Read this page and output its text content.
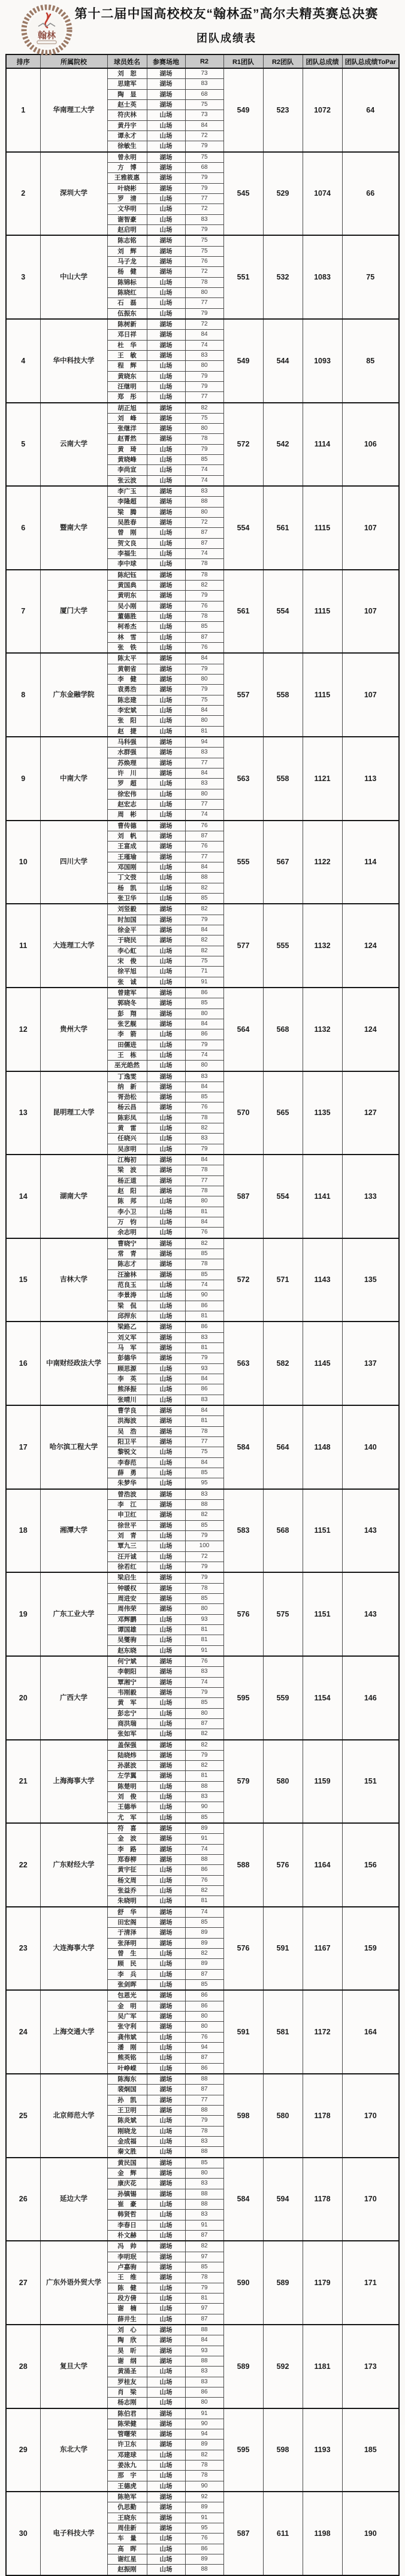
翰林
第十二届中国高校校友“翰林盃”高尔夫精英赛总决赛
团队成绩表
排序	所属院校	球员姓名	参赛场地	R2	R1团队	R2团队	团队总成绩	团队总成绩ToPar
1	华南理工大学	刘　恕	湖场	73	549	523	1072	64
		思建军	湖场	83				
		陶　显	湖场	68				
		赵士英	湖场	75				
		符庆林	山场	73				
		黄丹宇	山场	84				
		谭永才	山场	72				
		徐敏生	山场	79				
2	深圳大学	曾永明	湖场	75	545	529	1074	66
		方　博	湖场	68				
		王雅筱惠	湖场	79				
		叶晓彬	湖场	79				
		罗　清	山场	77				
		文华明	山场	72				
		谢智豪	山场	83				
		赵启明	山场	79				
3	中山大学	陈志铭	湖场	75	551	532	1083	75
		刘　辉	湖场	75				
		马子龙	湖场	76				
		杨　健	湖场	72				
		陈锦标	山场	78				
		陈晓红	山场	80				
		石　磊	山场	77				
		伍振东	山场	79				
4	华中科技大学	陈树新	湖场	72	549	544	1093	85
		邓日祥	湖场	84				
		杜　华	湖场	74				
		王　敏	湖场	83				
		程　辉	山场	80				
		黄晓东	山场	79				
		汪继明	山场	79				
		郑　彤	山场	77				
5	云南大学	胡正旭	湖场	82	572	542	1114	106
		刘　峰	湖场	75				
		张继洋	湖场	80				
		赵菁然	湖场	78				
		黄　琦	山场	79				
		黄晓峰	山场	85				
		李尚宣	山场	74				
		张云波	山场	74				
6	暨南大学	李广玉	湖场	83	554	561	1115	107
		李隆超	湖场	88				
		梁　腾	湖场	80				
		吴胜春	湖场	72				
		曾　刚	山场	87				
		贺文良	山场	87				
		李福生	山场	74				
		李中球	山场	78				
7	厦门大学	陈纪钰	湖场	78	561	554	1115	107
		黄国典	湖场	82				
		黄明东	湖场	79				
		吴小刚	湖场	76				
		董德胜	山场	78				
		柯希杰	山场	85				
		林　雪	山场	87				
		张　铁	山场	76				
8	广东金融学院	陈太平	湖场	84	557	558	1115	107
		黄朝省	湖场	79				
		李　健	湖场	80				
		袁勇浩	湖场	79				
		陈忠建	山场	75				
		李宏斌	山场	84				
		张　阳	山场	80				
		赵　捷	山场	81				
9	中南大学	马科强	湖场	94	563	558	1121	113
		水群强	湖场	83				
		苏焕理	湖场	77				
		许　川	湖场	84				
		罗　超	山场	83				
		徐宏伟	山场	80				
		赵宏志	山场	77				
		周　彬	山场	74				
10	四川大学	曹传德	湖场	76	555	567	1122	114
		刘　帆	湖场	87				
		王富成	湖场	76				
		王瑾瑜	湖场	77				
		邓国刚	山场	84				
		丁文弢	山场	88				
		杨　凯	山场	82				
		张卫华	山场	85				
11	大连理工大学	刘竖毅	湖场	82	577	555	1132	124
		时加国	湖场	79				
		徐金平	湖场	84				
		于晓民	湖场	82				
		李心虹	山场	82				
		宋　俊	山场	75				
		徐平旭	山场	71				
		张　诚	山场	91				
12	贵州大学	曾建军	湖场	86	564	568	1132	124
		郭晓冬	湖场	85				
		彭　翔	湖场	80				
		张艺舰	湖场	84				
		李　箭	山场	86				
		田儒进	山场	79				
		王　栋	山场	74				
		巫光皓然	山场	80				
13	昆明理工大学	丁逸雯	湖场	83	570	565	1135	127
		纳　新	湖场	84				
		胥劲松	湖场	85				
		杨云昌	湖场	76				
		陈彩凤	山场	78				
		黄　雷	山场	82				
		任晓兴	山场	83				
		吴彦明	山场	79				
14	湖南大学	江梅初	湖场	84	587	554	1141	133
		梁　波	湖场	78				
		杨正道	湖场	77				
		赵　阳	湖场	78				
		陈　邦	山场	80				
		李小卫	山场	81				
		万　钧	山场	84				
		余志明	山场	76				
15	吉林大学	曹晓宁	湖场	82	572	571	1143	135
		常　青	湖场	85				
		陈志才	湖场	78				
		汪渝林	湖场	85				
		范良玉	山场	74				
		李景涛	山场	90				
		梁　侃	山场	86				
		邱捍东	山场	81				
16	中南财经政法大学	梁路乙	湖场	86	563	582	1145	137
		刘义军	湖场	83				
		马　军	湖场	81				
		彭德华	湖场	79				
		顾思源	山场	93				
		李　英	山场	84				
		熊泽振	山场	86				
		张晴川	山场	83				
17	哈尔滨工程大学	曹学良	湖场	84	584	564	1148	140
		洪海波	湖场	81				
		吴　浩	湖场	78				
		阳卫平	湖场	77				
		黎锐文	山场	75				
		李春范	山场	84				
		薛　勇	山场	85				
		朱梦华	山场	95				
18	湘潭大学	曾浩波	湖场	83	583	568	1151	143
		李　江	湖场	88				
		申卫红	湖场	82				
		徐世平	湖场	85				
		刘　青	山场	79				
		覃九三	山场	100				
		汪开诚	山场	72				
		徐若红	山场	79				
19	广东工业大学	梁启生	湖场	79	576	575	1151	143
		钟暖权	湖场	78				
		周进安	湖场	85				
		周伟荣	湖场	80				
		邓辉鹏	山场	93				
		谭国雄	山场	81				
		吴燮驹	山场	81				
		赵东晓	山场	91				
20	广西大学	何宁斌	湖场	76	595	559	1154	146
		李朝阳	湖场	83				
		覃湘宁	湖场	74				
		韦刚毅	湖场	79				
		黄　军	山场	85				
		彭忠宁	山场	80				
		商洪瑞	山场	87				
		张如军	山场	82				
21	上海海事大学	盖保强	湖场	82	579	580	1159	151
		陆晓炜	湖场	79				
		孙湛波	湖场	82				
		左学翼	湖场	81				
		陈楚明	山场	88				
		刘　俊	山场	83				
		王德举	山场	90				
		尤　军	山场	85				
22	广东财经大学	符　喜	湖场	89	588	576	1164	156
		金　波	湖场	91				
		李　路	湖场	74				
		郑春柳	湖场	88				
		黄宇征	山场	86				
		杨文周	山场	76				
		张益乔	山场	82				
		朱晓明	山场	81				
23	大连海事大学	舒　华	湖场	74	576	591	1167	159
		田宏阁	湖场	85				
		于清泽	湖场	89				
		张泽明	湖场	89				
		曾　生	山场	82				
		顾　民	山场	89				
		李　兵	山场	87				
		张剑晖	山场	85				
24	上海交通大学	包恩光	湖场	86	591	581	1172	164
		金　明	湖场	86				
		吴广军	湖场	80				
		张守利	湖场	80				
		龚伟斌	山场	76				
		潘　刚	山场	94				
		熊英铭	山场	87				
		叶峥嵘	山场	86				
25	北京师范大学	陈海东	湖场	88	598	580	1178	170
		裴炯国	湖场	87				
		孙　凯	湖场	77				
		王卫明	湖场	88				
		陈炎斌	山场	79				
		刚晓龙	山场	78				
		金成福	山场	83				
		秦文胜	山场	88				
26	延边大学	黄民国	湖场	85	584	594	1178	170
		金　辉	湖场	80				
		康庆花	湖场	83				
		孙镇锡	湖场	88				
		崔　豪	山场	88				
		韩贤哲	山场	83				
		李春日	山场	91				
		朴文赫	山场	87				
27	广东外语外贸大学	冯　帅	湖场	82	590	589	1179	171
		李明珉	湖场	97				
		卢嘉驹	湖场	85				
		王　维	湖场	78				
		陈　健	山场	79				
		段方倩	山场	81				
		谢　楠	山场	97				
		薛井生	山场	87				
28	复旦大学	刘　心	湖场	88	589	592	1181	173
		陶　欣	湖场	84				
		昊　昕	湖场	93				
		谢　纲	湖场	88				
		黄涌圣	山场	83				
		罗桂友	山场	83				
		肖　梁	山场	86				
		杨志刚	山场	80				
29	东北大学	陈伯君	湖场	91	595	598	1193	185
		陈荣健	湖场	90				
		管曙荣	湖场	94				
		许卫东	湖场	89				
		邓建球	山场	82				
		姜泳九	山场	78				
		那　宇	山场	78				
		王德虎	山场	90				
30	电子科技大学	陈艳军	湖场	92	587	611	1198	190
		仇思勤	湖场	89				
		王晓东	湖场	91				
		周佳新	湖场	95				
		车　量	山场	76				
		高　晖	山场	86				
		谢红星	山场	89				
		赵振刚	山场	88				
